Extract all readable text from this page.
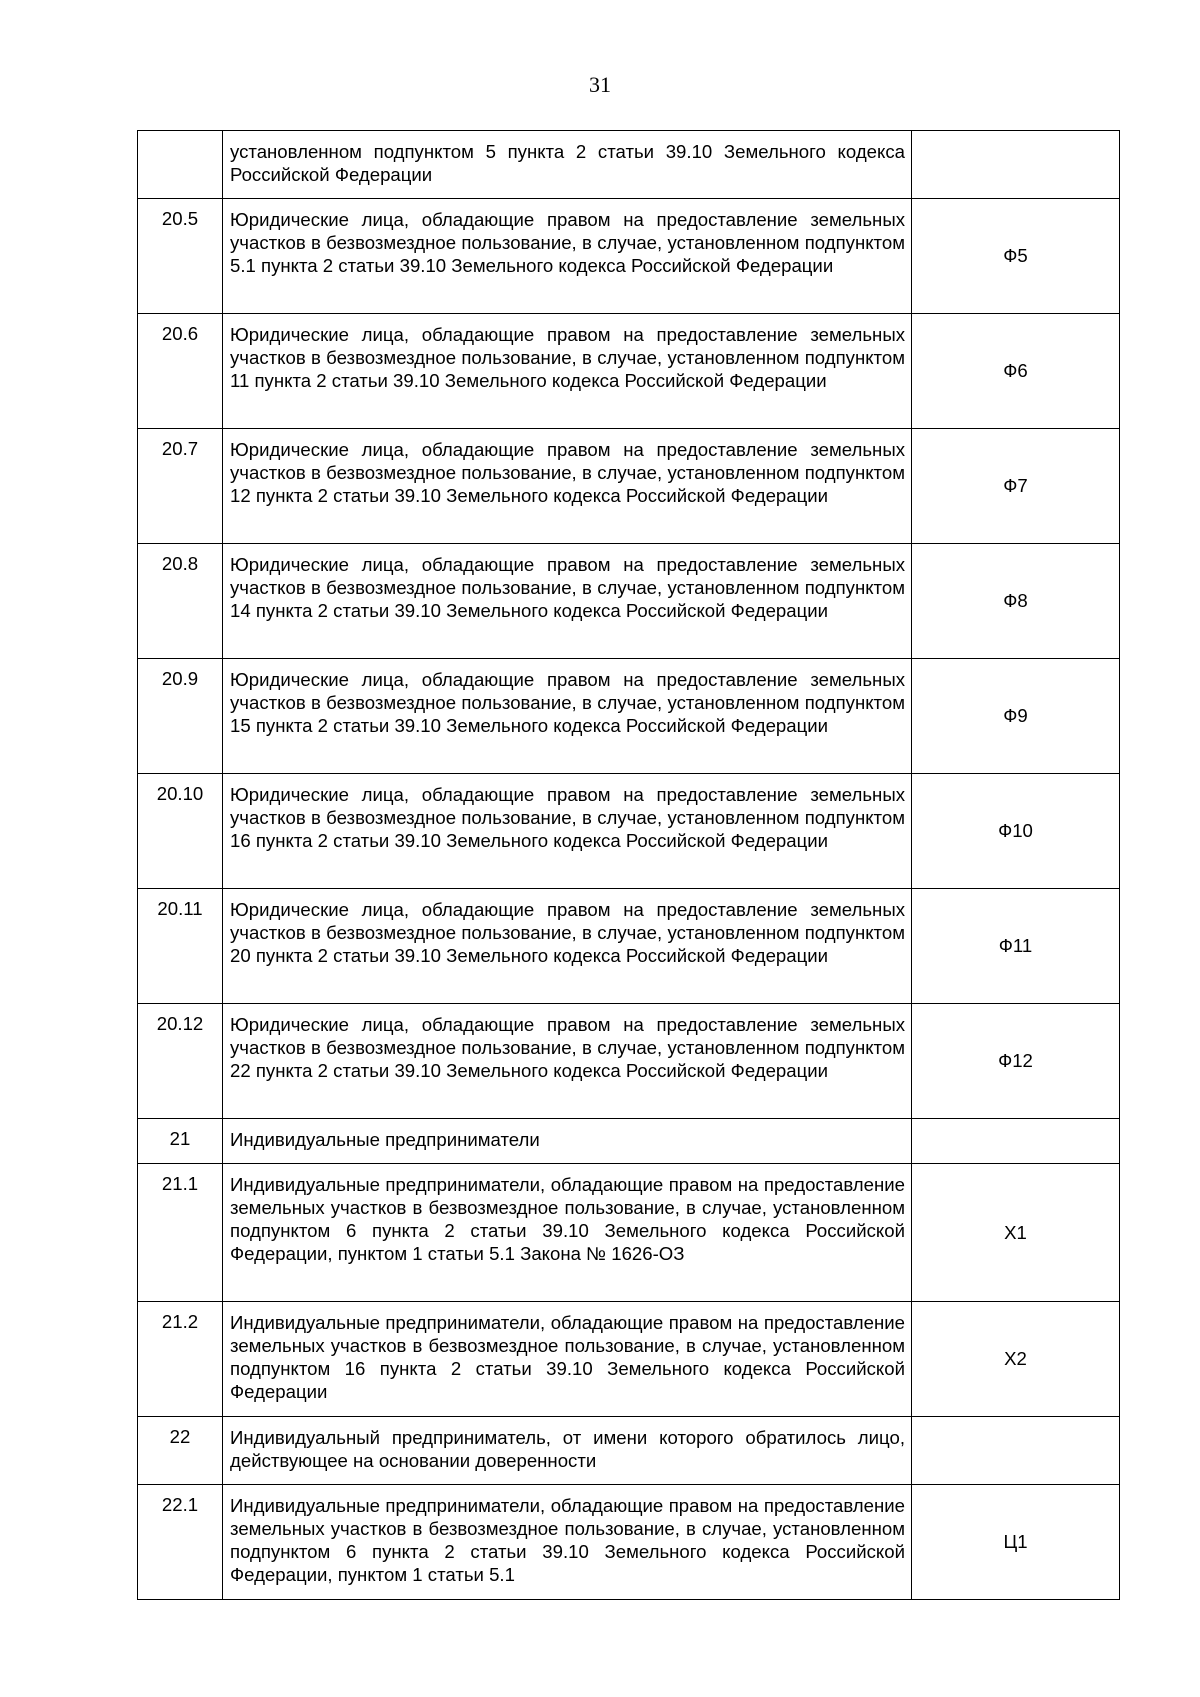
31
	установленном подпунктом 5 пункта 2 статьи 39.10 Земельного кодекса Российской Федерации	
20.5	Юридические лица, обладающие правом на предоставление земельных участков в безвозмездное пользование, в случае, установленном подпунктом 5.1 пункта 2 статьи 39.10 Земельного кодекса Российской Федерации	Ф5
20.6	Юридические лица, обладающие правом на предоставление земельных участков в безвозмездное пользование, в случае, установленном подпунктом 11 пункта 2 статьи 39.10 Земельного кодекса Российской Федерации	Ф6
20.7	Юридические лица, обладающие правом на предоставление земельных участков в безвозмездное пользование, в случае, установленном подпунктом 12 пункта 2 статьи 39.10 Земельного кодекса Российской Федерации	Ф7
20.8	Юридические лица, обладающие правом на предоставление земельных участков в безвозмездное пользование, в случае, установленном подпунктом 14 пункта 2 статьи 39.10 Земельного кодекса Российской Федерации	Ф8
20.9	Юридические лица, обладающие правом на предоставление земельных участков в безвозмездное пользование, в случае, установленном подпунктом 15 пункта 2 статьи 39.10 Земельного кодекса Российской Федерации	Ф9
20.10	Юридические лица, обладающие правом на предоставление земельных участков в безвозмездное пользование, в случае, установленном подпунктом 16 пункта 2 статьи 39.10 Земельного кодекса Российской Федерации	Ф10
20.11	Юридические лица, обладающие правом на предоставление земельных участков в безвозмездное пользование, в случае, установленном подпунктом 20 пункта 2 статьи 39.10 Земельного кодекса Российской Федерации	Ф11
20.12	Юридические лица, обладающие правом на предоставление земельных участков в безвозмездное пользование, в случае, установленном подпунктом 22 пункта 2 статьи 39.10 Земельного кодекса Российской Федерации	Ф12
21	Индивидуальные предприниматели	
21.1	Индивидуальные предприниматели, обладающие правом на предоставление земельных участков в безвозмездное пользование, в случае, установленном подпунктом 6 пункта 2 статьи 39.10 Земельного кодекса Российской Федерации, пунктом 1 статьи 5.1 Закона № 1626-ОЗ	Х1
21.2	Индивидуальные предприниматели, обладающие правом на предоставление земельных участков в безвозмездное пользование, в случае, установленном подпунктом 16 пункта 2 статьи 39.10 Земельного кодекса Российской Федерации	Х2
22	Индивидуальный предприниматель, от имени которого обратилось лицо, действующее на основании доверенности	
22.1	Индивидуальные предприниматели, обладающие правом на предоставление земельных участков в безвозмездное пользование, в случае, установленном подпунктом 6 пункта 2 статьи 39.10 Земельного кодекса Российской Федерации, пунктом 1 статьи 5.1	Ц1
